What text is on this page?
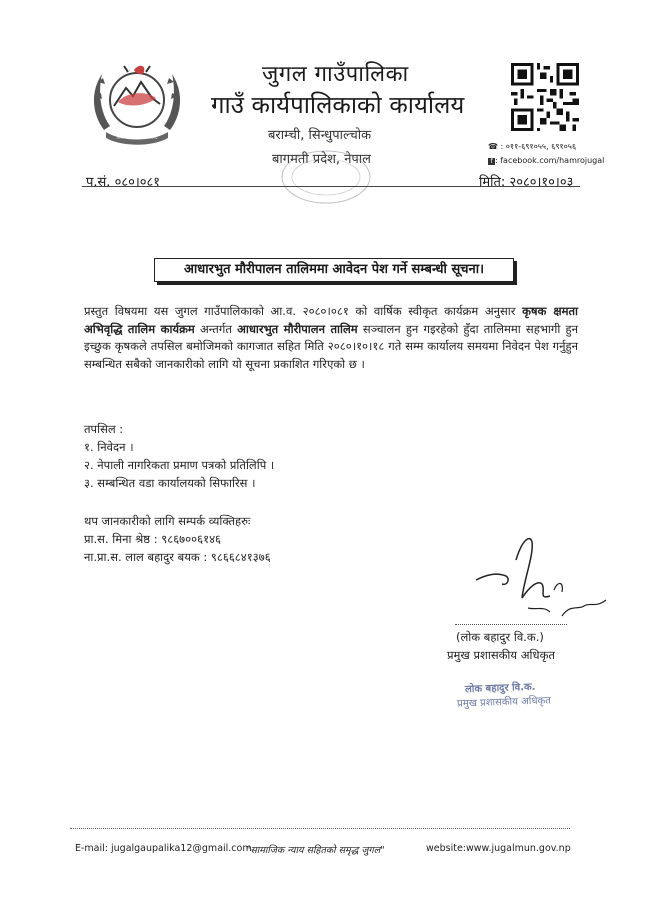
~~~~~~~~~~
जुगल गाउँपालिका
गाउँ कार्यपालिकाको कार्यालय
बराम्ची, सिन्धुपाल्चोक
बागमती प्रदेश, नेपाल
☎ : ०११-६९१०५५, ६९१०५६
f : facebook.com/hamrojugal
प.सं. ०८०।०८१	मिति: २०८०।१०।०३
आधारभुत मौरीपालन तालिममा आवेदन पेश गर्ने सम्बन्धी सूचना।
प्रस्तुत विषयमा यस जुगल गाउँपालिकाको आ.व. २०८०।०८१ को वार्षिक स्वीकृत कार्यक्रम अनुसार कृषक क्षमता अभिवृद्धि तालिम कार्यक्रम अन्तर्गत आधारभुत मौरीपालन तालिम सञ्चालन हुन गइरहेको हुँदा तालिममा सहभागी हुन इच्छुक कृषकले तपसिल बमोजिमको कागजात सहित मिति २०८०।१०।१८ गते सम्म कार्यालय समयमा निवेदन पेश गर्नुहुन सम्बन्धित सबैको जानकारीको लागि यो सूचना प्रकाशित गरिएको छ ।
तपसिल :
१. निवेदन ।
२. नेपाली नागरिकता प्रमाण पत्रको प्रतिलिपि ।
३. सम्बन्धित वडा कार्यालयको सिफारिस ।
थप जानकारीको लागि सम्पर्क व्यक्तिहरुः
प्रा.स. मिना श्रेष्ठ : ९८६७००६१४६
ना.प्रा.स. लाल बहादुर बयक : ९८६६८४१३७६
(लोक बहादुर वि.क.)
प्रमुख प्रशासकीय अधिकृत
लोक बहादुर वि.क.
प्रमुख प्रशासकीय अधिकृत
E-mail: jugalgaupalika12@gmail.com
"सामाजिक न्याय सहितको समृद्ध जुगल"	website:www.jugalmun.gov.np
